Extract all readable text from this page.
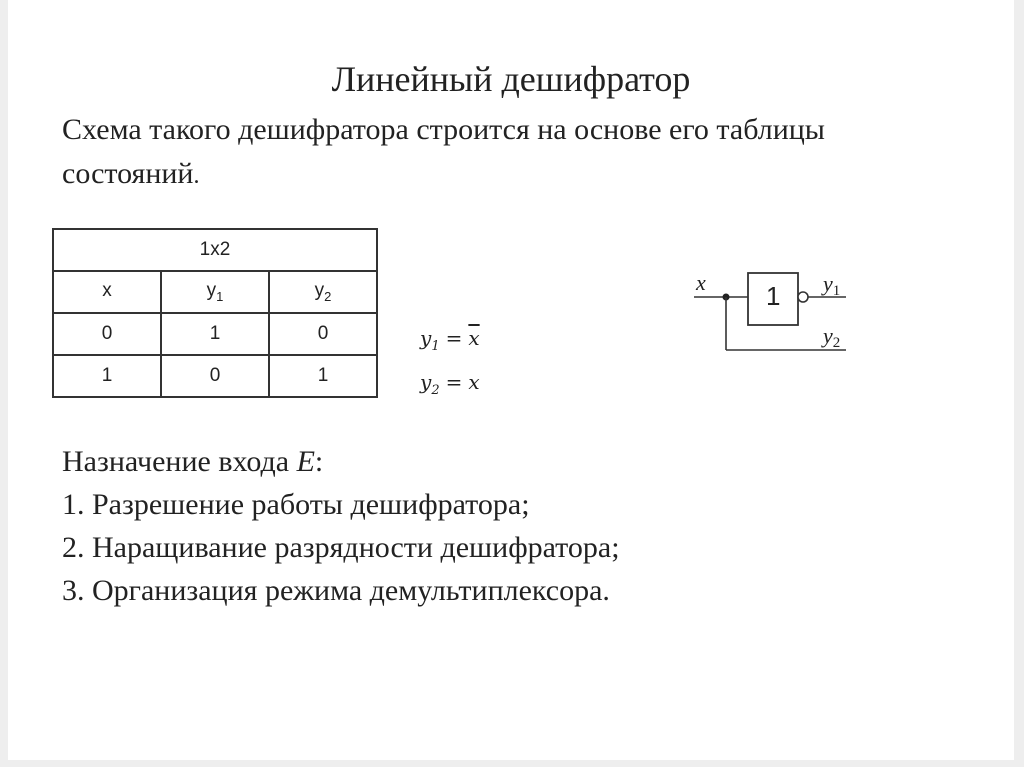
Линейный дешифратор
Схема такого дешифратора строится на основе его таблицы состояний.
1x2		
x	$y_1$	$y_2$
0	1	0
1	0	1
$y_1 = \overline{x}$
$y_2 = x$
x 1 y1
y2
Назначение входа E:
1. Разрешение работы дешифратора;
2. Наращивание разрядности дешифратора;
3. Организация режима демультиплексора.
